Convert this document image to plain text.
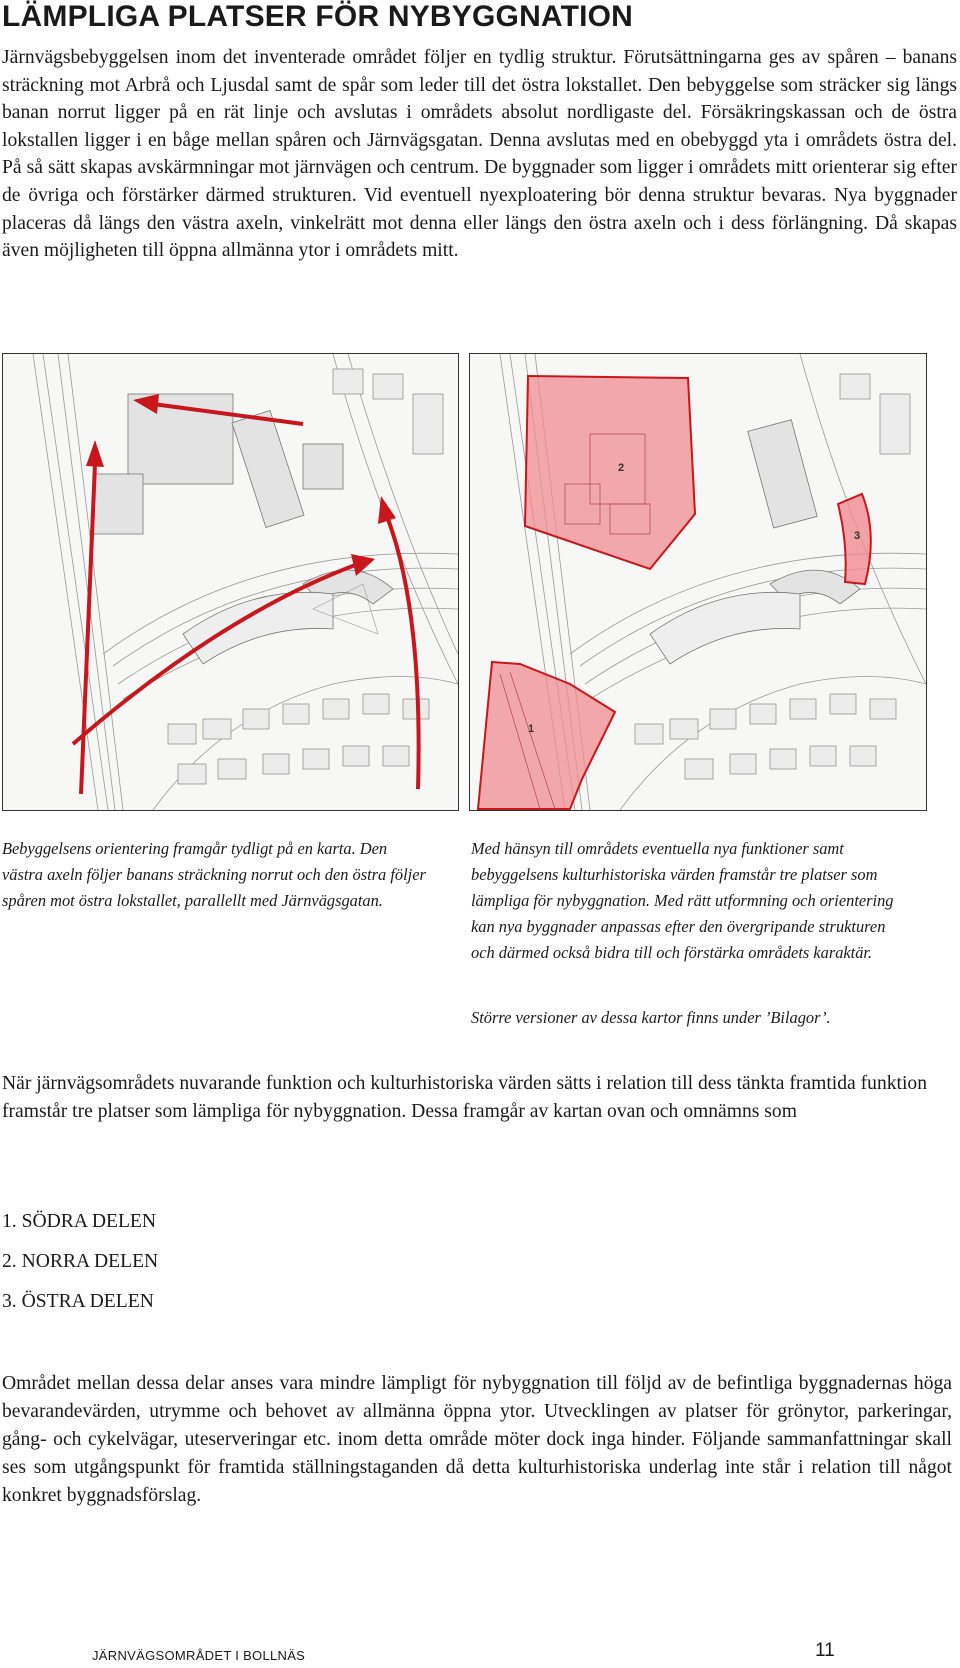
LÄMPLIGA PLATSER FÖR NYBYGGNATION

Järnvägsbebyggelsen inom det inventerade området följer en tydlig struktur. Förutsättningarna ges av spåren – banans sträckning mot Arbrå och Ljusdal samt de spår som leder till det östra lokstallet. Den bebyggelse som sträcker sig längs banan norrut ligger på en rät linje och avslutas i områdets absolut nordligaste del. Försäkringskassan och de östra lokstallen ligger i en båge mellan spåren och Järnvägsgatan. Denna avslutas med en obebyggd yta i områdets östra del. På så sätt skapas avskärmningar mot järnvägen och centrum. De byggnader som ligger i områdets mitt orienterar sig efter de övriga och förstärker därmed strukturen. Vid eventuell nyexploatering bör denna struktur bevaras. Nya byggnader placeras då längs den västra axeln, vinkelrätt mot denna eller längs den östra axeln och i dess förlängning. Då skapas även möjligheten till öppna allmänna ytor i områdets mitt.

2
3
1

Bebyggelsens orientering framgår tydligt på en karta. Den västra axeln följer banans sträckning norrut och den östra följer spåren mot östra lokstallet, parallellt med Järnvägsgatan.

Med hänsyn till områdets eventuella nya funktioner samt bebyggelsens kulturhistoriska värden framstår tre platser som lämpliga för nybyggnation. Med rätt utformning och orientering kan nya byggnader anpassas efter den övergripande strukturen och därmed också bidra till och förstärka områdets karaktär.

Större versioner av dessa kartor finns under ’Bilagor’.

När järnvägsområdets nuvarande funktion och kulturhistoriska värden sätts i relation till dess tänkta framtida funktion framstår tre platser som lämpliga för nybyggnation. Dessa framgår av kartan ovan och omnämns som

1. SÖDRA DELEN
2. NORRA DELEN
3. ÖSTRA DELEN

Området mellan dessa delar anses vara mindre lämpligt för nybyggnation till följd av de befintliga byggnadernas höga bevarandevärden, utrymme och behovet av allmänna öppna ytor. Utvecklingen av platser för grönytor, parkeringar, gång- och cykelvägar, uteserveringar etc. inom detta område möter dock inga hinder. Följande sammanfattningar skall ses som utgångspunkt för framtida ställningstaganden då detta kulturhistoriska underlag inte står i relation till något konkret byggnadsförslag.

JÄRNVÄGSOMRÅDET I BOLLNÄS	11
